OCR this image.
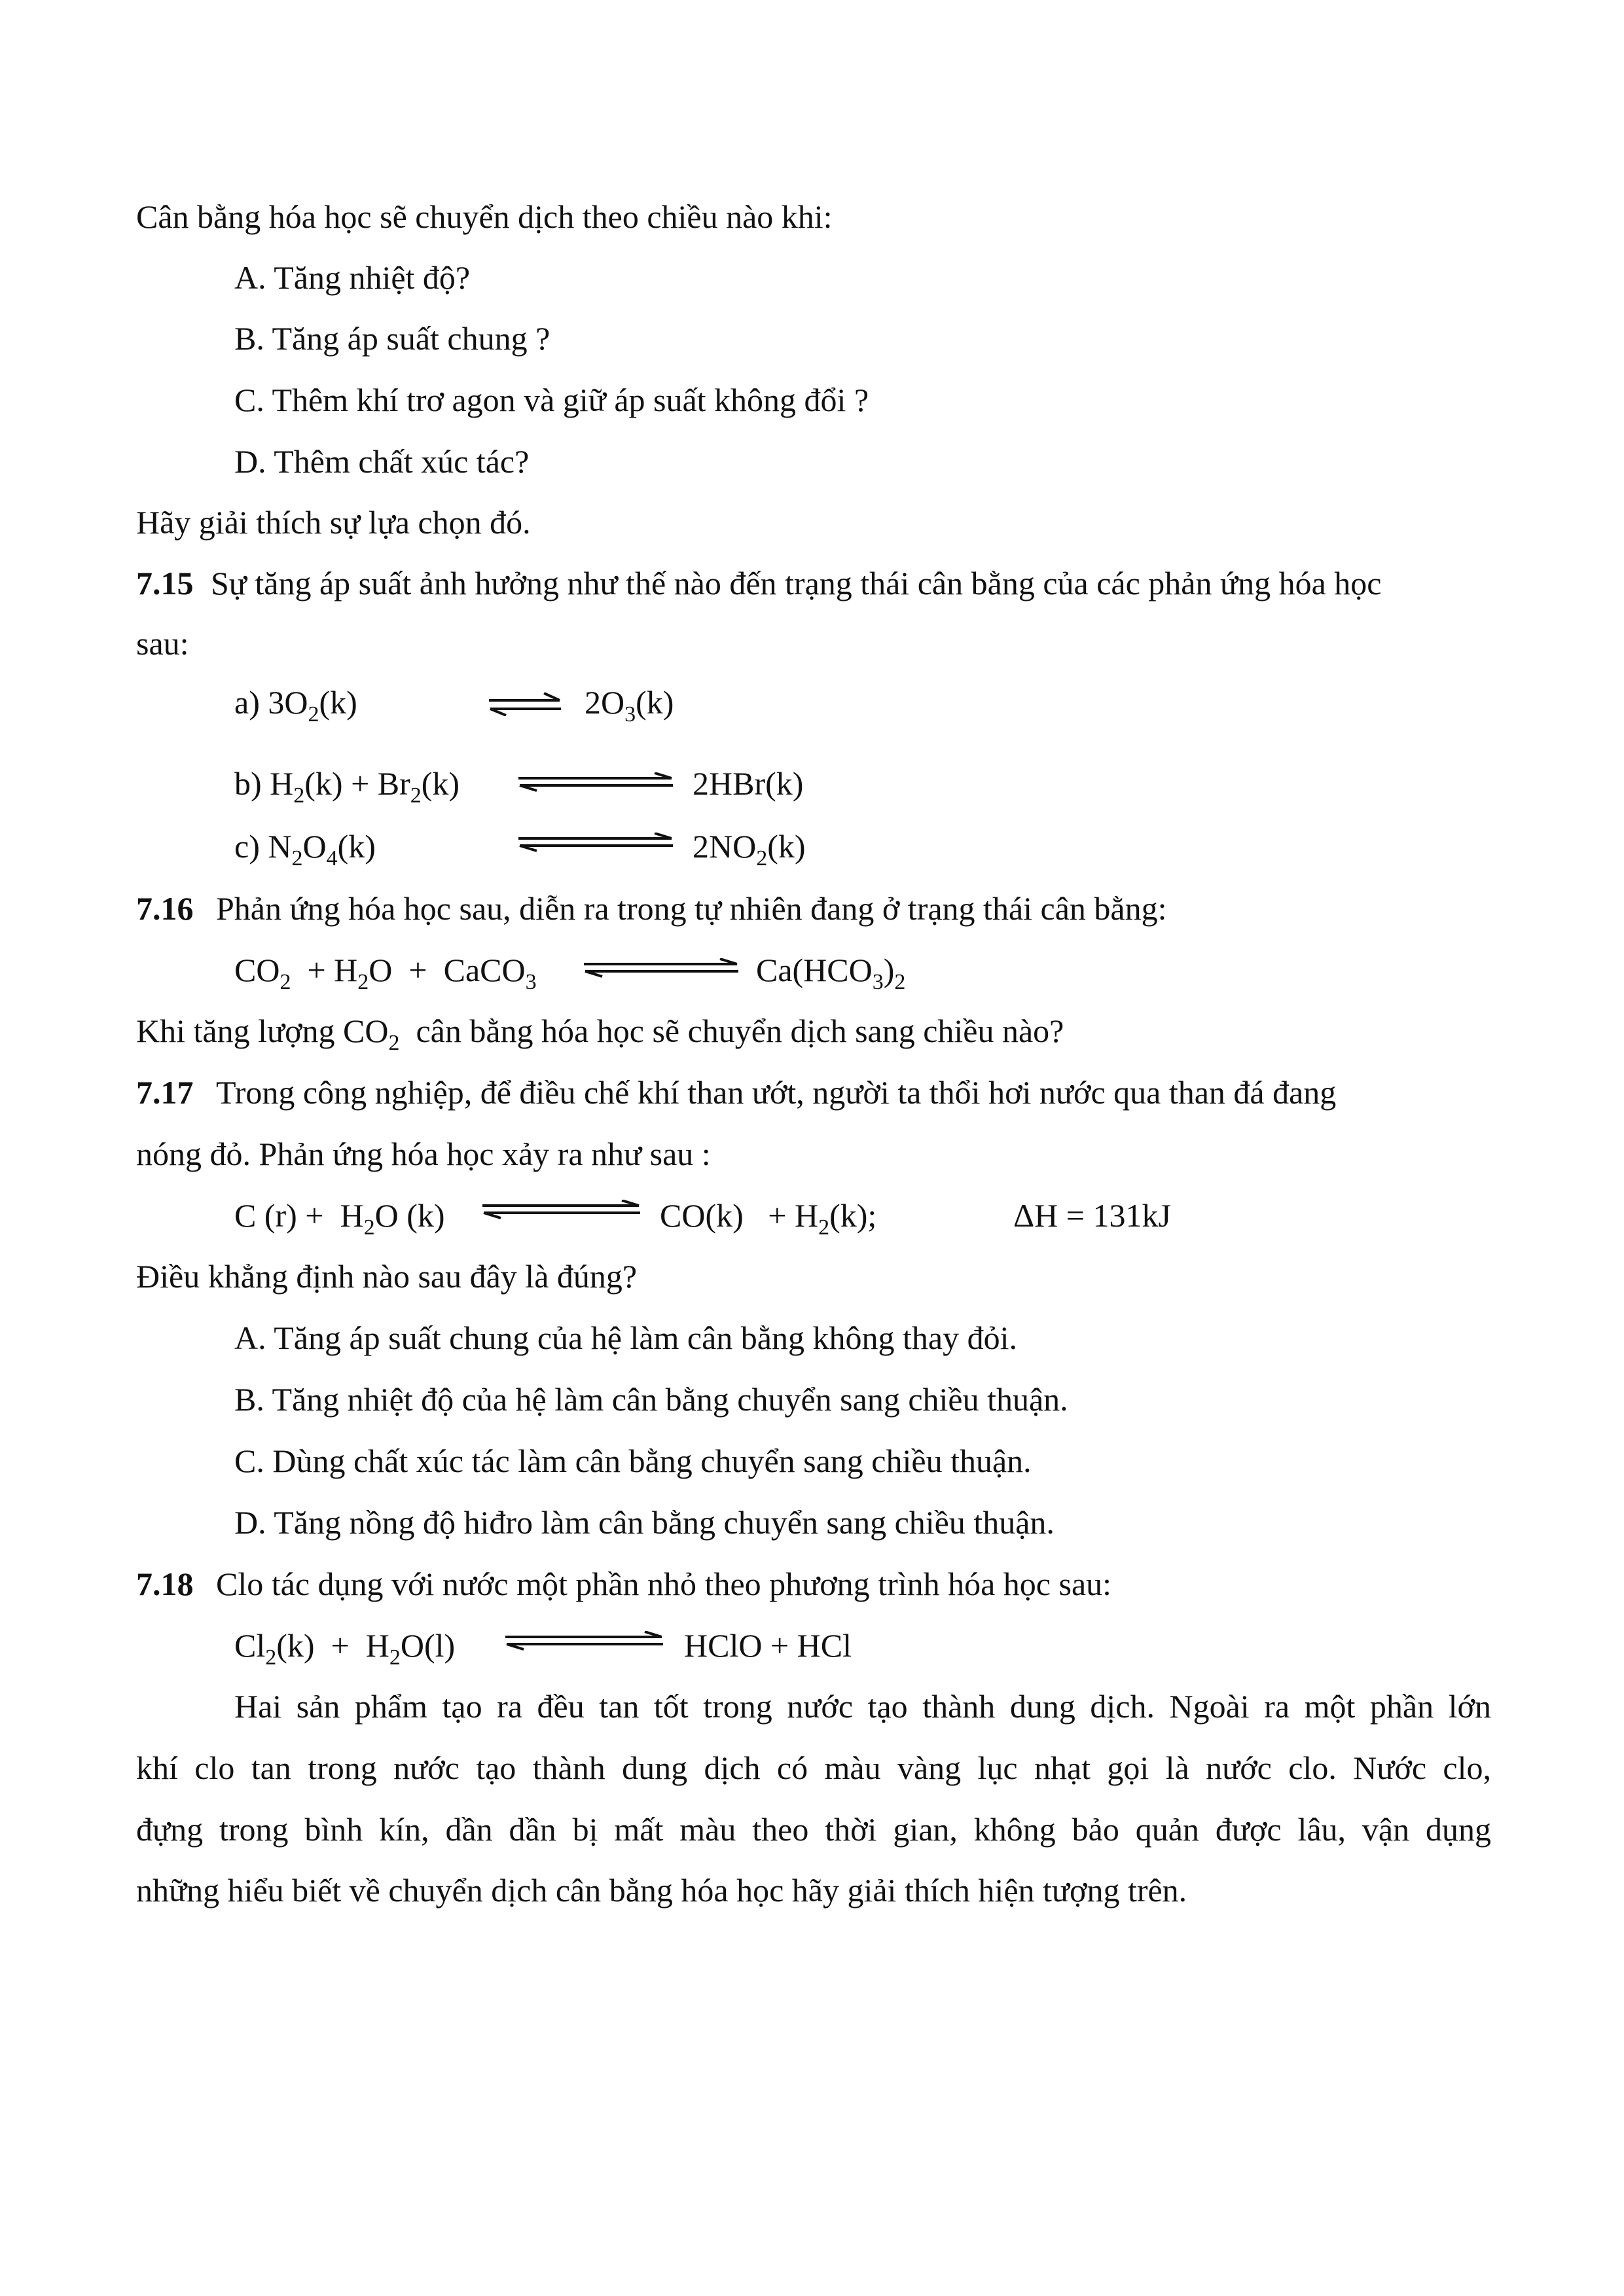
Cân bằng hóa học sẽ chuyển dịch theo chiều nào khi:
A. Tăng nhiệt độ?
B. Tăng áp suất chung ?
C. Thêm khí trơ agon và giữ áp suất không đổi ?
D. Thêm chất xúc tác?
Hãy giải thích sự lựa chọn đó.
7.15 Sự tăng áp suất ảnh hưởng như thế nào đến trạng thái cân bằng của các phản ứng hóa học
sau:
a) $3O_2(k)$	⇌ $2O_3(k)$
b) $H_2(k) + Br_2(k)$	2HBr(k)
c) $N_2O_4(k)$	$2NO_2(k)$
7.16 Phản ứng hóa học sau, diễn ra trong tự nhiên đang ở trạng thái cân bằng:
$CO_2 + H_2O$  +  CaCO$_3$	$Ca(HCO_3)_2$
Khi tăng lượng $CO_2$  cân bằng hóa học sẽ chuyển dịch sang chiều nào?
7.17 Trong công nghiệp, để điều chế khí than ướt, người ta thổi hơi nước qua than đá đang
nóng đỏ. Phản ứng hóa học xảy ra như sau :
C $(r) + H_2O$ (k)	$CO(k) + H_2(k)$;	ΔH = 131kJ
Điều khẳng định nào sau đây là đúng?
A. Tăng áp suất chung của hệ làm cân bằng không thay đỏi.
B. Tăng nhiệt độ của hệ làm cân bằng chuyển sang chiều thuận.
C. Dùng chất xúc tác làm cân bằng chuyển sang chiều thuận.
D. Tăng nồng độ hiđro làm cân bằng chuyển sang chiều thuận.
7.18 Clo tác dụng với nước một phần nhỏ theo phương trình hóa học sau:
$Cl_2(k) + H_2O(l)$	HClO + HCl
Hai sản phẩm tạo ra đều tan tốt trong nước tạo thành dung dịch. Ngoài ra một phần lớn
khí clo tan trong nước tạo thành dung dịch có màu vàng lục nhạt gọi là nước clo. Nước clo,
đựng trong bình kín, dần dần bị mất màu theo thời gian, không bảo quản được lâu, vận dụng
những hiểu biết về chuyển dịch cân bằng hóa học hãy giải thích hiện tượng trên.
